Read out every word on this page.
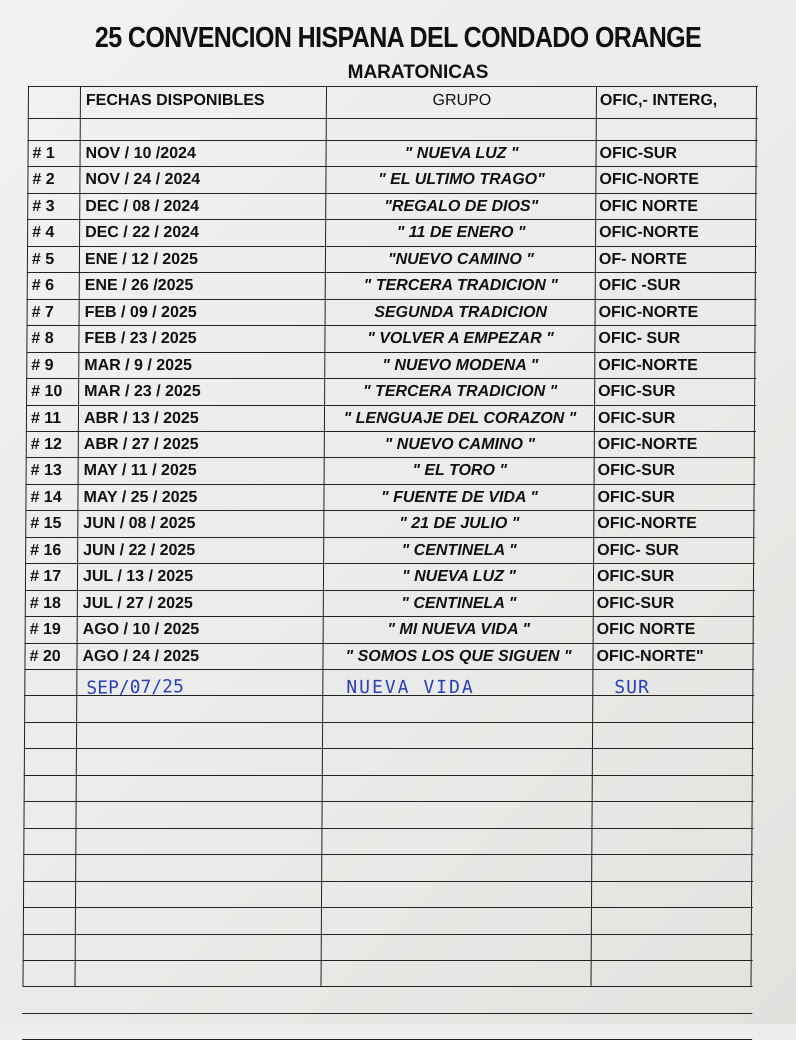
25 CONVENCION HISPANA DEL CONDADO ORANGE
MARATONICAS
FECHAS DISPONIBLES	GRUPO	OFIC,- INTERG,
# 1 NOV / 10 /2024	" NUEVA LUZ "	OFIC-SUR
# 2 NOV / 24 / 2024	" EL ULTIMO TRAGO"	OFIC-NORTE
# 3 DEC / 08 / 2024	"REGALO DE DIOS"	OFIC NORTE
# 4 DEC / 22 / 2024	" 11 DE ENERO "	OFIC-NORTE
# 5 ENE / 12 / 2025	"NUEVO CAMINO "	OF- NORTE
# 6 ENE / 26 /2025	" TERCERA TRADICION "	OFIC -SUR
# 7 FEB / 09 / 2025	SEGUNDA TRADICION	OFIC-NORTE
# 8 FEB / 23 / 2025	" VOLVER A EMPEZAR "	OFIC- SUR
# 9 MAR / 9 / 2025	" NUEVO MODENA "	OFIC-NORTE
# 10 MAR / 23 / 2025	" TERCERA TRADICION "	OFIC-SUR
# 11 ABR / 13 / 2025	" LENGUAJE DEL CORAZON "	OFIC-SUR
# 12 ABR / 27 / 2025	" NUEVO CAMINO "	OFIC-NORTE
# 13 MAY / 11 / 2025	" EL TORO "	OFIC-SUR
# 14 MAY / 25 / 2025	" FUENTE DE VIDA "	OFIC-SUR
# 15 JUN / 08 / 2025	" 21 DE JULIO "	OFIC-NORTE
# 16 JUN / 22 / 2025	" CENTINELA "	OFIC- SUR
# 17 JUL / 13 / 2025	" NUEVA LUZ "	OFIC-SUR
# 18 JUL / 27 / 2025	" CENTINELA "	OFIC-SUR
# 19 AGO / 10 / 2025	" MI NUEVA VIDA "	OFIC NORTE
# 20 AGO / 24 / 2025	" SOMOS LOS QUE SIGUEN "	OFIC-NORTE"
SEP/07/25	NUEVA VIDA	SUR
